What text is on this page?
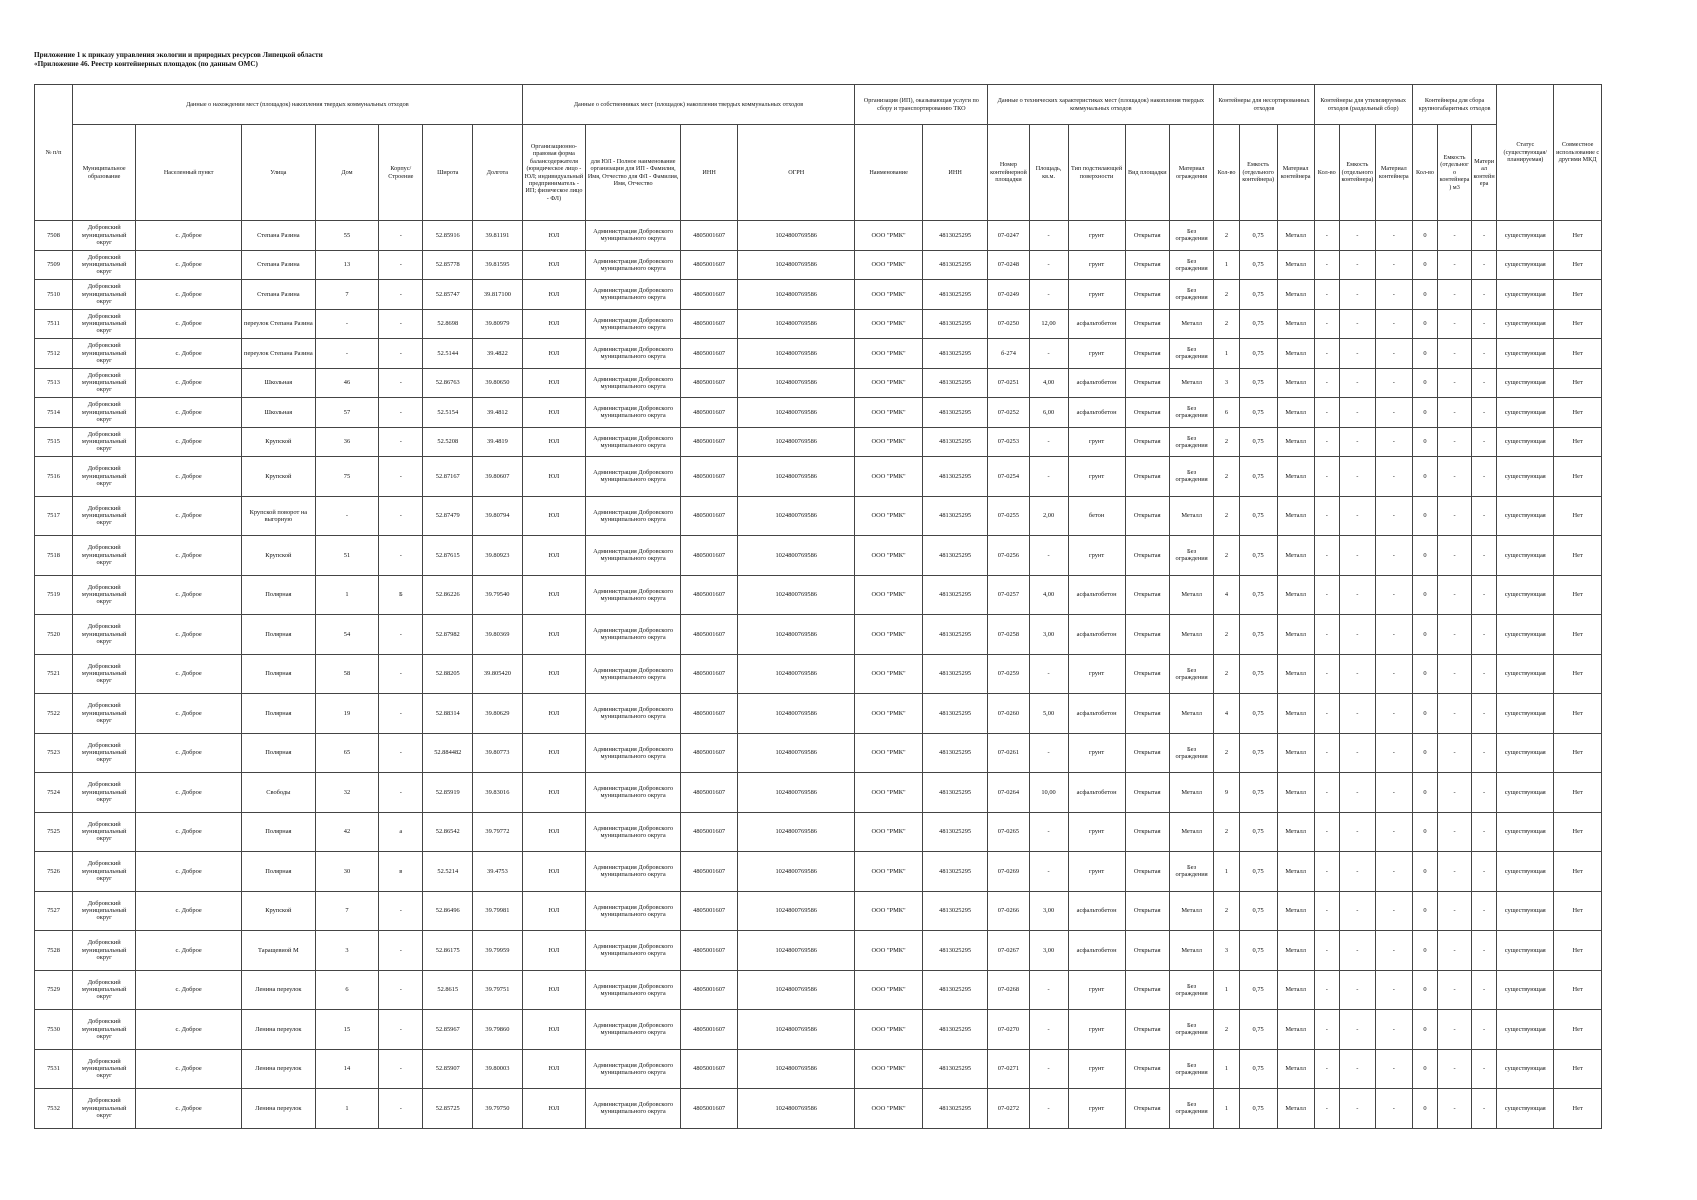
Приложение 1 к приказу управления экологии и природных ресурсов Липецкой области
«Приложение 46. Реестр контейнерных площадок (по данным ОМС)
№ п/п	Данные о нахождении мест (площадок) накопления твердых коммунальных отходов							Данные о собственниках мест (площадок) накопления твердых коммунальных отходов				Организация (ИП), оказывающая услуги по сбору и транспортированию ТКО		Данные о технических характеристиках мест (площадок) накопления твердых коммунальных отходов					Контейнеры для несортированных отходов			Контейнеры для утилизируемых отходов (раздельный сбор)			Контейнеры для сбора крупногабаритных отходов			Статус (существующая/планируемая)	Совместное использование с другими МКД
	Муниципальное образование	Населенный пункт	Улица	Дом	Корпус/Строение	Широта	Долгота	Организационно-правовая форма балансодержателя (юридическое лицо - ЮЛ; индивидуальный предприниматель - ИП; физическое лицо - ФЛ)	для ЮЛ - Полное наименование организации для ИП - Фамилия, Имя, Отчество для ФЛ - Фамилия, Имя, Отчество	ИНН	ОГРН	Наименование	ИНН	Номер контейнерной площадки	Площадь, кв.м.	Тип подстилающей поверхности	Вид площадки	Материал ограждения	Кол-во	Емкость (отдельного контейнера)	Материал контейнера	Кол-во	Емкость (отдельного контейнера)	Материал контейнера	Кол-во	Емкость (отдельного контейнера) м3	Материал контейнера		
7508	Добровский муниципальный округ	с. Доброе	Степана Разина	55	-	52.85916	39.81191	ЮЛ	Администрация Добровского муниципального округа	4805001607	1024800769586	ООО "РМК"	4813025295	07-0247	-	грунт	Открытая	Без ограждения	2	0,75	Металл	-	-	-	0	-	-	существующая	Нет
7509	Добровский муниципальный округ	с. Доброе	Степана Разина	13	-	52.85778	39.81595	ЮЛ	Администрация Добровского муниципального округа	4805001607	1024800769586	ООО "РМК"	4813025295	07-0248	-	грунт	Открытая	Без ограждения	1	0,75	Металл	-	-	-	0	-	-	существующая	Нет
7510	Добровский муниципальный округ	с. Доброе	Степана Разина	7	-	52.85747	39.817100	ЮЛ	Администрация Добровского муниципального округа	4805001607	1024800769586	ООО "РМК"	4813025295	07-0249	-	грунт	Открытая	Без ограждения	2	0,75	Металл	-	-	-	0	-	-	существующая	Нет
7511	Добровский муниципальный округ	с. Доброе	переулок Степана Разина	-	-	52.8698	39.80979	ЮЛ	Администрация Добровского муниципального округа	4805001607	1024800769586	ООО "РМК"	4813025295	07-0250	12,00	асфальтобетон	Открытая	Металл	2	0,75	Металл	-	-	-	0	-	-	существующая	Нет
7512	Добровский муниципальный округ	с. Доброе	переулок Степана Разина	-	-	52.5144	39.4822	ЮЛ	Администрация Добровского муниципального округа	4805001607	1024800769586	ООО "РМК"	4813025295	б-274	-	грунт	Открытая	Без ограждения	1	0,75	Металл	-	-	-	0	-	-	существующая	Нет
7513	Добровский муниципальный округ	с. Доброе	Школьная	46	-	52.86763	39.80650	ЮЛ	Администрация Добровского муниципального округа	4805001607	1024800769586	ООО "РМК"	4813025295	07-0251	4,00	асфальтобетон	Открытая	Металл	3	0,75	Металл	-	-	-	0	-	-	существующая	Нет
7514	Добровский муниципальный округ	с. Доброе	Школьная	57	-	52.5154	39.4812	ЮЛ	Администрация Добровского муниципального округа	4805001607	1024800769586	ООО "РМК"	4813025295	07-0252	6,00	асфальтобетон	Открытая	Без ограждения	6	0,75	Металл	-	-	-	0	-	-	существующая	Нет
7515	Добровский муниципальный округ	с. Доброе	Крупской	36	-	52.5208	39.4819	ЮЛ	Администрация Добровского муниципального округа	4805001607	1024800769586	ООО "РМК"	4813025295	07-0253	-	грунт	Открытая	Без ограждения	2	0,75	Металл	-	-	-	0	-	-	существующая	Нет
7516	Добровский муниципальный округ	с. Доброе	Крупской	75	-	52.87167	39.80607	ЮЛ	Администрация Добровского муниципального округа	4805001607	1024800769586	ООО "РМК"	4813025295	07-0254	-	грунт	Открытая	Без ограждения	2	0,75	Металл	-	-	-	0	-	-	существующая	Нет
7517	Добровский муниципальный округ	с. Доброе	Крупской поворот на выгорную	-	-	52.87479	39.80794	ЮЛ	Администрация Добровского муниципального округа	4805001607	1024800769586	ООО "РМК"	4813025295	07-0255	2,00	бетон	Открытая	Металл	2	0,75	Металл	-	-	-	0	-	-	существующая	Нет
7518	Добровский муниципальный округ	с. Доброе	Крупской	51	-	52.87615	39.80923	ЮЛ	Администрация Добровского муниципального округа	4805001607	1024800769586	ООО "РМК"	4813025295	07-0256	-	грунт	Открытая	Без ограждения	2	0,75	Металл	-	-	-	0	-	-	существующая	Нет
7519	Добровский муниципальный округ	с. Доброе	Полярная	1	Б	52.86226	39.79540	ЮЛ	Администрация Добровского муниципального округа	4805001607	1024800769586	ООО "РМК"	4813025295	07-0257	4,00	асфальтобетон	Открытая	Металл	4	0,75	Металл	-	-	-	0	-	-	существующая	Нет
7520	Добровский муниципальный округ	с. Доброе	Полярная	54	-	52.87982	39.80369	ЮЛ	Администрация Добровского муниципального округа	4805001607	1024800769586	ООО "РМК"	4813025295	07-0258	3,00	асфальтобетон	Открытая	Металл	2	0,75	Металл	-	-	-	0	-	-	существующая	Нет
7521	Добровский муниципальный округ	с. Доброе	Полярная	58	-	52.88205	39.805420	ЮЛ	Администрация Добровского муниципального округа	4805001607	1024800769586	ООО "РМК"	4813025295	07-0259	-	грунт	Открытая	Без ограждения	2	0,75	Металл	-	-	-	0	-	-	существующая	Нет
7522	Добровский муниципальный округ	с. Доброе	Полярная	19	-	52.88314	39.80629	ЮЛ	Администрация Добровского муниципального округа	4805001607	1024800769586	ООО "РМК"	4813025295	07-0260	5,00	асфальтобетон	Открытая	Металл	4	0,75	Металл	-	-	-	0	-	-	существующая	Нет
7523	Добровский муниципальный округ	с. Доброе	Полярная	65	-	52.884482	39.80773	ЮЛ	Администрация Добровского муниципального округа	4805001607	1024800769586	ООО "РМК"	4813025295	07-0261	-	грунт	Открытая	Без ограждения	2	0,75	Металл	-	-	-	0	-	-	существующая	Нет
7524	Добровский муниципальный округ	с. Доброе	Свободы	32	-	52.85919	39.83016	ЮЛ	Администрация Добровского муниципального округа	4805001607	1024800769586	ООО "РМК"	4813025295	07-0264	10,00	асфальтобетон	Открытая	Металл	9	0,75	Металл	-	-	-	0	-	-	существующая	Нет
7525	Добровский муниципальный округ	с. Доброе	Полярная	42	а	52.86542	39.79772	ЮЛ	Администрация Добровского муниципального округа	4805001607	1024800769586	ООО "РМК"	4813025295	07-0265	-	грунт	Открытая	Металл	2	0,75	Металл	-	-	-	0	-	-	существующая	Нет
7526	Добровский муниципальный округ	с. Доброе	Полярная	30	в	52.5214	39.4753	ЮЛ	Администрация Добровского муниципального округа	4805001607	1024800769586	ООО "РМК"	4813025295	07-0269	-	грунт	Открытая	Без ограждения	1	0,75	Металл	-	-	-	0	-	-	существующая	Нет
7527	Добровский муниципальный округ	с. Доброе	Крупской	7	-	52.86496	39.79981	ЮЛ	Администрация Добровского муниципального округа	4805001607	1024800769586	ООО "РМК"	4813025295	07-0266	3,00	асфальтобетон	Открытая	Металл	2	0,75	Металл	-	-	-	0	-	-	существующая	Нет
7528	Добровский муниципальный округ	с. Доброе	Таращевиой М	3	-	52.86175	39.79959	ЮЛ	Администрация Добровского муниципального округа	4805001607	1024800769586	ООО "РМК"	4813025295	07-0267	3,00	асфальтобетон	Открытая	Металл	3	0,75	Металл	-	-	-	0	-	-	существующая	Нет
7529	Добровский муниципальный округ	с. Доброе	Ленина переулок	6	-	52.8615	39.79751	ЮЛ	Администрация Добровского муниципального округа	4805001607	1024800769586	ООО "РМК"	4813025295	07-0268	-	грунт	Открытая	Без ограждения	1	0,75	Металл	-	-	-	0	-	-	существующая	Нет
7530	Добровский муниципальный округ	с. Доброе	Ленина переулок	15	-	52.85967	39.79860	ЮЛ	Администрация Добровского муниципального округа	4805001607	1024800769586	ООО "РМК"	4813025295	07-0270	-	грунт	Открытая	Без ограждения	2	0,75	Металл	-	-	-	0	-	-	существующая	Нет
7531	Добровский муниципальный округ	с. Доброе	Ленина переулок	14	-	52.85907	39.80003	ЮЛ	Администрация Добровского муниципального округа	4805001607	1024800769586	ООО "РМК"	4813025295	07-0271	-	грунт	Открытая	Без ограждения	1	0,75	Металл	-	-	-	0	-	-	существующая	Нет
7532	Добровский муниципальный округ	с. Доброе	Ленина переулок	1	-	52.85725	39.79750	ЮЛ	Администрация Добровского муниципального округа	4805001607	1024800769586	ООО "РМК"	4813025295	07-0272	-	грунт	Открытая	Без ограждения	1	0,75	Металл	-	-	-	0	-	-	существующая	Нет
